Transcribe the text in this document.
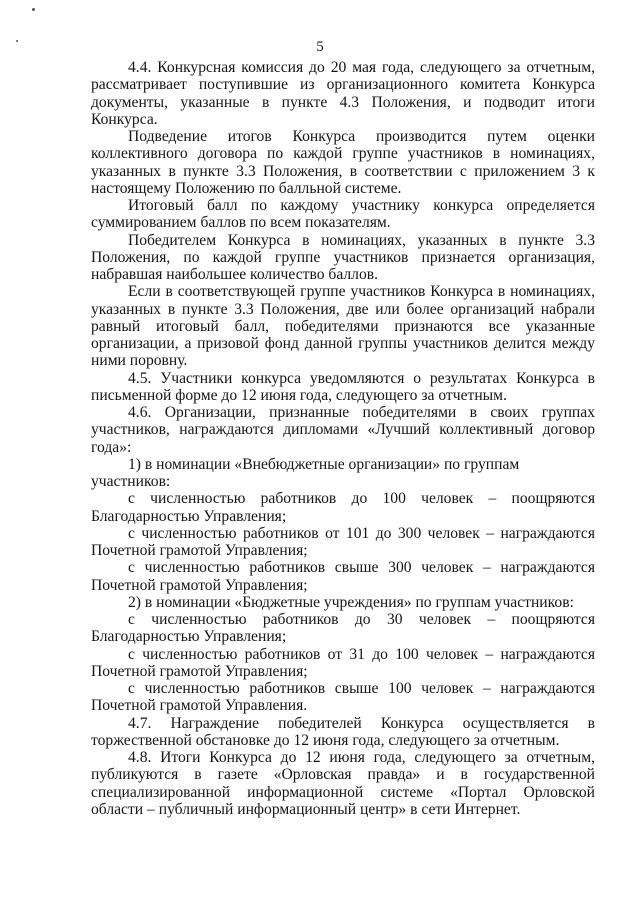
5

4.4. Конкурсная комиссия до 20 мая года, следующего за отчетным, рассматривает поступившие из организационного комитета Конкурса документы, указанные в пункте 4.3 Положения, и подводит итоги Конкурса.

Подведение итогов Конкурса производится путем оценки коллективного договора по каждой группе участников в номинациях, указанных в пункте 3.3 Положения, в соответствии с приложением 3 к настоящему Положению по балльной системе.

Итоговый балл по каждому участнику конкурса определяется суммированием баллов по всем показателям.

Победителем Конкурса в номинациях, указанных в пункте 3.3 Положения, по каждой группе участников признается организация, набравшая наибольшее количество баллов.

Если в соответствующей группе участников Конкурса в номинациях, указанных в пункте 3.3 Положения, две или более организаций набрали равный итоговый балл, победителями признаются все указанные организации, а призовой фонд данной группы участников делится между ними поровну.

4.5. Участники конкурса уведомляются о результатах Конкурса в письменной форме до 12 июня года, следующего за отчетным.

4.6. Организации, признанные победителями в своих группах участников, награждаются дипломами «Лучший коллективный договор года»:

1) в номинации «Внебюджетные организации» по группам участников:

с численностью работников до 100 человек – поощряются Благодарностью Управления;

с численностью работников от 101 до 300 человек – награждаются Почетной грамотой Управления;

с численностью работников свыше 300 человек – награждаются Почетной грамотой Управления;

2) в номинации «Бюджетные учреждения» по группам участников:

с численностью работников до 30 человек – поощряются Благодарностью Управления;

с численностью работников от 31 до 100 человек – награждаются Почетной грамотой Управления;

с численностью работников свыше 100 человек – награждаются Почетной грамотой Управления.

4.7. Награждение победителей Конкурса осуществляется в торжественной обстановке до 12 июня года, следующего за отчетным.

4.8. Итоги Конкурса до 12 июня года, следующего за отчетным, публикуются в газете «Орловская правда» и в государственной специализированной информационной системе «Портал Орловской области – публичный информационный центр» в сети Интернет.
